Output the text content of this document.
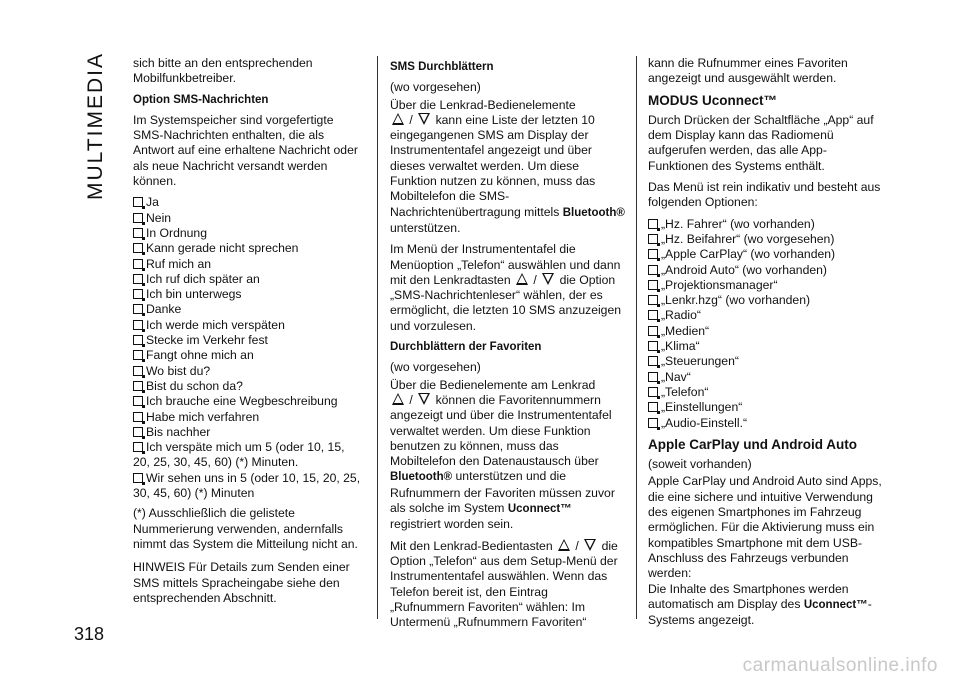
MULTIMEDIA sich bitte an den entsprechenden Mobilfunkbetreiber.

Option SMS-Nachrichten

Im Systemspeicher sind vorgefertigte SMS-Nachrichten enthalten, die als Antwort auf eine erhaltene Nachricht oder als neue Nachricht versandt werden können.

Ja
Nein
In Ordnung
Kann gerade nicht sprechen
Ruf mich an
Ich ruf dich später an
Ich bin unterwegs
Danke
Ich werde mich verspäten
Stecke im Verkehr fest
Fangt ohne mich an
Wo bist du?
Bist du schon da?
Ich brauche eine Wegbeschreibung
Habe mich verfahren
Bis nachher
Ich verspäte mich um 5 (oder 10, 15, 20, 25, 30, 45, 60) (*) Minuten.
Wir sehen uns in 5 (oder 10, 15, 20, 25, 30, 45, 60) (*) Minuten

(*) Ausschließlich die gelistete Nummerierung verwenden, andernfalls nimmt das System die Mitteilung nicht an.

HINWEIS Für Details zum Senden einer SMS mittels Spracheingabe siehe den entsprechenden Abschnitt.

SMS Durchblättern

(wo vorgesehen)

Über die Lenkrad-Bedienelemente
/ kann eine Liste der letzten 10 eingegangenen SMS am Display der Instrumententafel angezeigt und über dieses verwaltet werden. Um diese Funktion nutzen zu können, muss das Mobiltelefon die SMS-Nachrichtenübertragung mittels Bluetooth® unterstützen.

Im Menü der Instrumententafel die Menüoption „Telefon“ auswählen und dann mit den Lenkradtasten / die Option „SMS-Nachrichtenleser“ wählen, der es ermöglicht, die letzten 10 SMS anzuzeigen und vorzulesen.

Durchblättern der Favoriten

(wo vorgesehen)

Über die Bedienelemente am Lenkrad
/ können die Favoritennummern angezeigt und über die Instrumententafel verwaltet werden. Um diese Funktion benutzen zu können, muss das Mobiltelefon den Datenaustausch über Bluetooth® unterstützen und die Rufnummern der Favoriten müssen zuvor als solche im System Uconnect™ registriert worden sein.

Mit den Lenkrad-Bedientasten / die Option „Telefon“ aus dem Setup-Menü der Instrumententafel auswählen. Wenn das Telefon bereit ist, den Eintrag „Rufnummern Favoriten“ wählen: Im Untermenü „Rufnummern Favoriten“

kann die Rufnummer eines Favoriten angezeigt und ausgewählt werden.

MODUS Uconnect™

Durch Drücken der Schaltfläche „App“ auf dem Display kann das Radiomenü aufgerufen werden, das alle App-Funktionen des Systems enthält.

Das Menü ist rein indikativ und besteht aus folgenden Optionen:

„Hz. Fahrer“ (wo vorhanden)
„Hz. Beifahrer“ (wo vorgesehen)
„Apple CarPlay“ (wo vorhanden)
„Android Auto“ (wo vorhanden)
„Projektionsmanager“
„Lenkr.hzg“ (wo vorhanden)
„Radio“
„Medien“
„Klima“
„Steuerungen“
„Nav“
„Telefon“
„Einstellungen“
„Audio-Einstell.“
Apple CarPlay und Android Auto

(soweit vorhanden)

Apple CarPlay und Android Auto sind Apps, die eine sichere und intuitive Verwendung des eigenen Smartphones im Fahrzeug ermöglichen. Für die Aktivierung muss ein kompatibles Smartphone mit dem USB-Anschluss des Fahrzeugs verbunden werden:

Die Inhalte des Smartphones werden automatisch am Display des Uconnect™- Systems angezeigt.

318
carmanualsonline.info
